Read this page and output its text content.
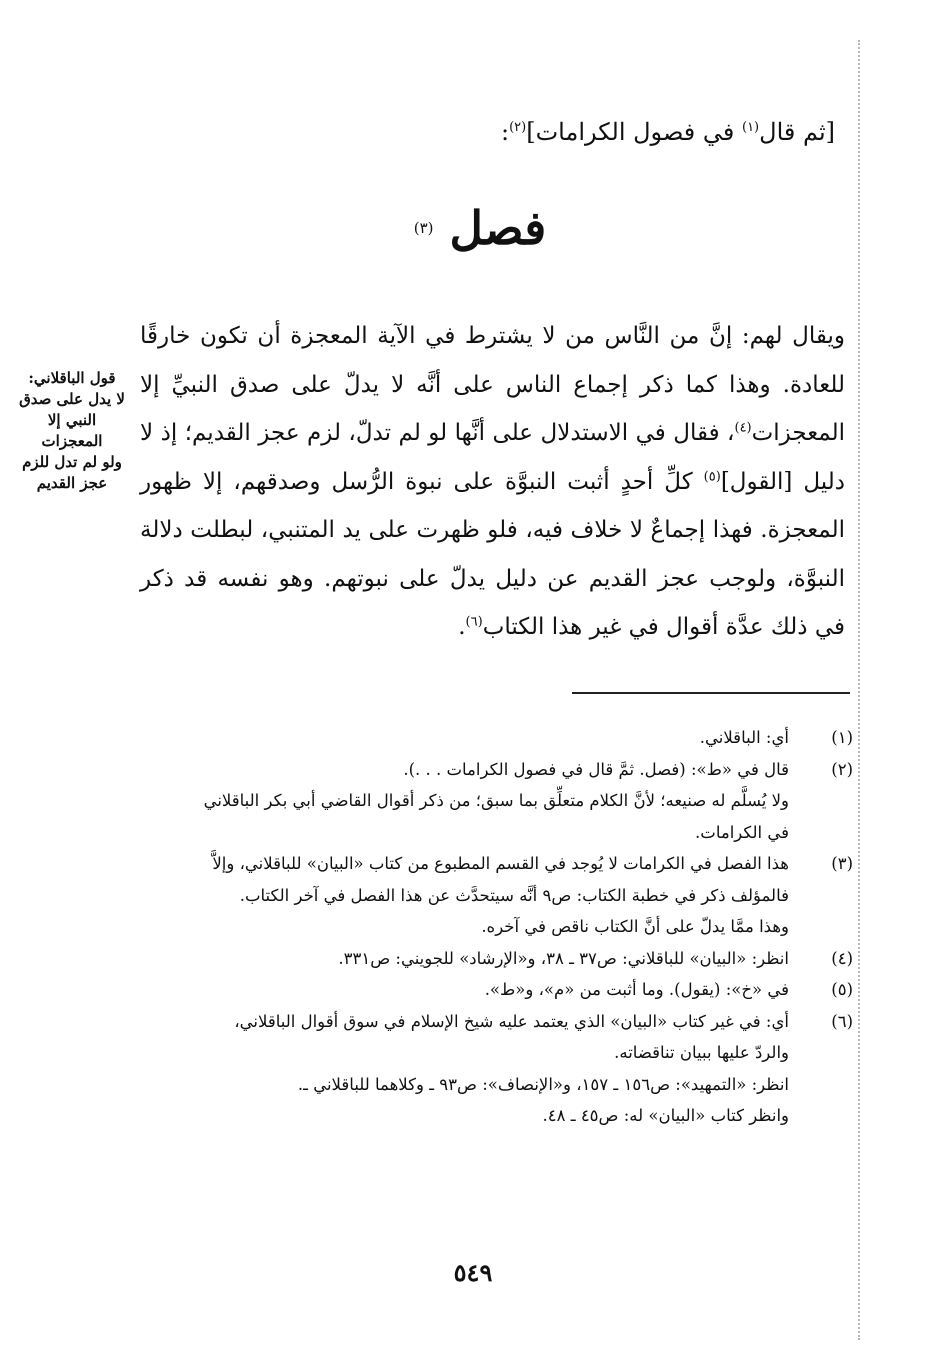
[ثم قال$^{(١)}$ في فصول الكرامات]$^{(٢)}$:
فصل $^{(٣)}$
ويقال لهم: إنَّ من النَّاس من لا يشترط في الآية المعجزة أن تكون خارقًا للعادة. وهذا كما ذكر إجماع الناس على أنَّه لا يدلّ على صدق النبيِّ إلا المعجزات$^{(٤)}$، فقال في الاستدلال على أنَّها لو لم تدلّ، لزم عجز القديم؛ إذ لا دليل [القول]$^{(٥)}$ كلِّ أحدٍ أثبت النبوَّة على نبوة الرُّسل وصدقهم، إلا ظهور المعجزة. فهذا إجماعٌ لا خلاف فيه، فلو ظهرت على يد المتنبي، لبطلت دلالة النبوَّة، ولوجب عجز القديم عن دليل يدلّ على نبوتهم. وهو نفسه قد ذكر في ذلك عدَّة أقوال في غير هذا الكتاب$^{(٦)}$.
قول الباقلاني:
لا يدل على صدق
النبي إلا المعجزات
ولو لم تدل للزم
عجز القديم
(١)
أي: الباقلاني.
(٢)
قال في «ط»: (فصل. ثمَّ قال في فصول الكرامات . . .).
ولا يُسلَّم له صنيعه؛ لأنَّ الكلام متعلِّق بما سبق؛ من ذكر أقوال القاضي أبي بكر الباقلاني
في الكرامات.
(٣)
هذا الفصل في الكرامات لا يُوجد في القسم المطبوع من كتاب «البيان» للباقلاني، وإلاَّ
فالمؤلف ذكر في خطبة الكتاب: ص٩ أنَّه سيتحدَّث عن هذا الفصل في آخر الكتاب.
وهذا ممَّا يدلّ على أنَّ الكتاب ناقص في آخره.
(٤)
انظر: «البيان» للباقلاني: ص٣٧ ـ ٣٨، و«الإرشاد» للجويني: ص٣٣١.
(٥)
في «خ»: (يقول). وما أثبت من «م»، و«ط».
(٦)
أي: في غير كتاب «البيان» الذي يعتمد عليه شيخ الإسلام في سوق أقوال الباقلاني،
والردّ عليها ببيان تناقضاته.
انظر: «التمهيد»: ص١٥٦ ـ ١٥٧، و«الإنصاف»: ص٩٣ ـ وكلاهما للباقلاني ـ.
وانظر كتاب «البيان» له: ص٤٥ ـ ٤٨.
٥٤٩
